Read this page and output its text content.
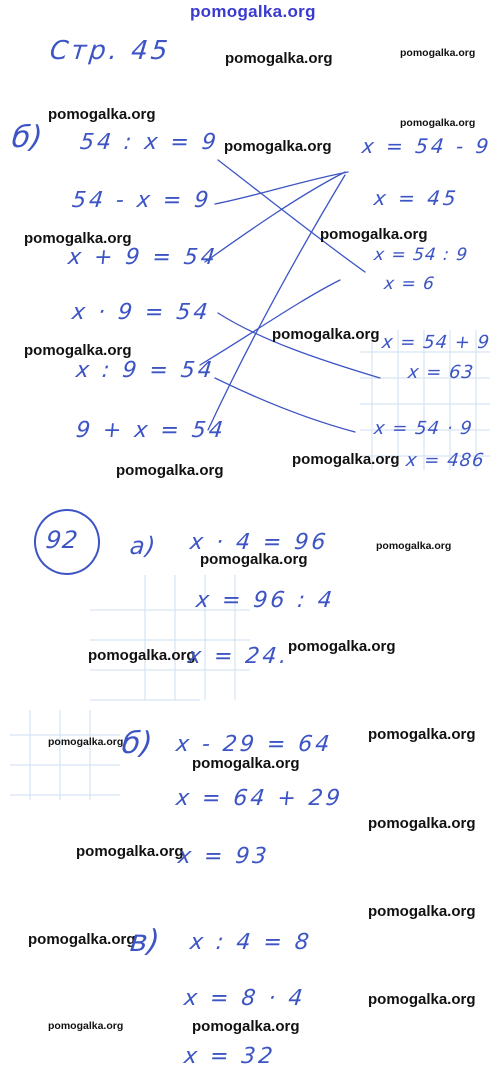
pomogalka.org
pomogalka.org	pomogalka.org
pomogalka.org	pomogalka.org
pomogalka.org
pomogalka.org	pomogalka.org
pomogalka.org
pomogalka.org
pomogalka.org
pomogalka.org
pomogalka.org
pomogalka.org
pomogalka.org
pomogalka.org
pomogalka.org
pomogalka.org
pomogalka.org
pomogalka.org
pomogalka.org
pomogalka.org
pomogalka.org
pomogalka.org
pomogalka.org	pomogalka.org
Стр. 45
б) 54 : x = 9
54 - x = 9
x + 9 = 54
x · 9 = 54
x : 9 = 54
9 + x = 54
x = 54 - 9
x = 45
x = 54 : 9
x = 6
x = 54 + 9
x = 63
x = 54 · 9
x = 486
92 а) x · 4 = 96
x = 96 : 4
x = 24.
б) x - 29 = 64
x = 64 + 29
x = 93
в) x : 4 = 8
x = 8 · 4
x = 32
